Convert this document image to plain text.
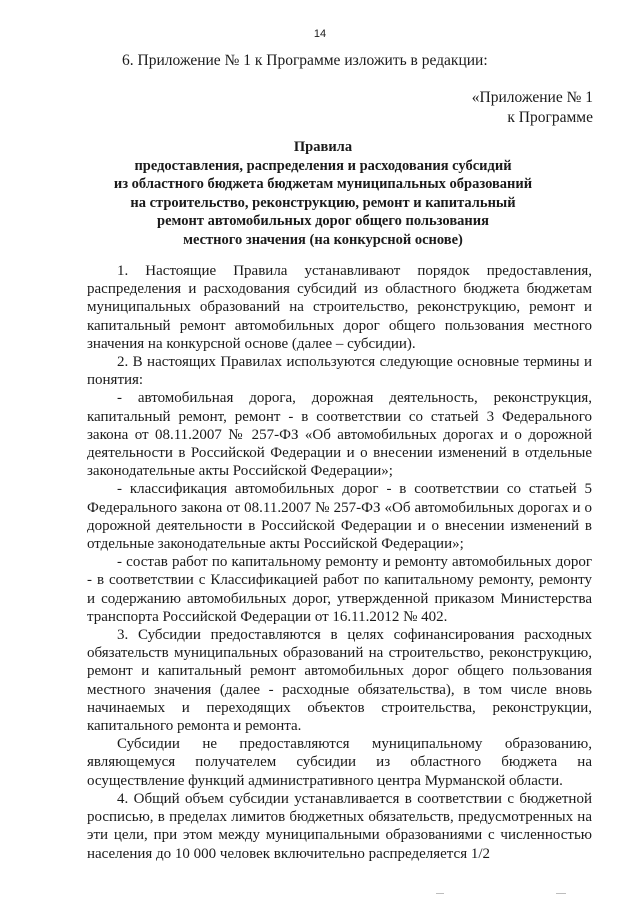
14
6. Приложение № 1 к Программе изложить в редакции:
«Приложение № 1
к Программе
Правила
предоставления, распределения и расходования субсидий
из областного бюджета бюджетам муниципальных образований
на строительство, реконструкцию, ремонт и капитальный
ремонт автомобильных дорог общего пользования
местного значения (на конкурсной основе)

1. Настоящие Правила устанавливают порядок предоставления, распределения и расходования субсидий из областного бюджета бюджетам муниципальных образований на строительство, реконструкцию, ремонт и капитальный ремонт автомобильных дорог общего пользования местного значения на конкурсной основе (далее – субсидии).

2. В настоящих Правилах используются следующие основные термины и понятия:

- автомобильная дорога, дорожная деятельность, реконструкция, капитальный ремонт, ремонт - в соответствии со статьей 3 Федерального закона от 08.11.2007 № 257-ФЗ «Об автомобильных дорогах и о дорожной деятельности в Российской Федерации и о внесении изменений в отдельные законодательные акты Российской Федерации»;

- классификация автомобильных дорог - в соответствии со статьей 5 Федерального закона от 08.11.2007 № 257-ФЗ «Об автомобильных дорогах и о дорожной деятельности в Российской Федерации и о внесении изменений в отдельные законодательные акты Российской Федерации»;

- состав работ по капитальному ремонту и ремонту автомобильных дорог - в соответствии с Классификацией работ по капитальному ремонту, ремонту и содержанию автомобильных дорог, утвержденной приказом Министерства транспорта Российской Федерации от 16.11.2012 № 402.

3. Субсидии предоставляются в целях софинансирования расходных обязательств муниципальных образований на строительство, реконструкцию, ремонт и капитальный ремонт автомобильных дорог общего пользования местного значения (далее - расходные обязательства), в том числе вновь начинаемых и переходящих объектов строительства, реконструкции, капитального ремонта и ремонта.

Субсидии не предоставляются муниципальному образованию, являющемуся получателем субсидии из областного бюджета на осуществление функций административного центра Мурманской области.

4. Общий объем субсидии устанавливается в соответствии с бюджетной росписью, в пределах лимитов бюджетных обязательств, предусмотренных на эти цели, при этом между муниципальными образованиями с численностью населения до 10 000 человек включительно распределяется 1/2
